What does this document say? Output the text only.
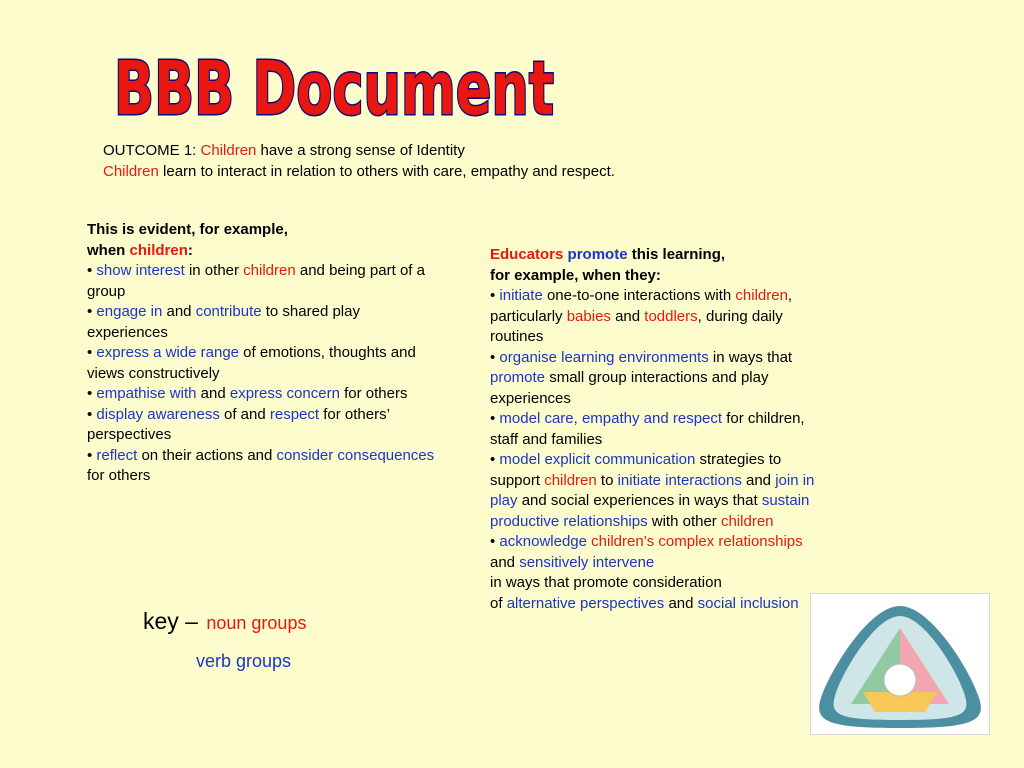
BBB Document
OUTCOME 1: Children have a strong sense of Identity
Children learn to interact in relation to others with care, empathy and respect.
This is evident, for example,
when children:
• show interest in other children and being part of a group
• engage in and contribute to shared play experiences
• express a wide range of emotions, thoughts and views constructively
• empathise with and express concern for others
• display awareness of and respect for others’
perspectives
• reflect on their actions and consider consequences for others
Educators promote this learning,
for example, when they:
• initiate one-to-one interactions with children, particularly babies and toddlers, during daily routines
• organise learning environments in ways that promote small group interactions and play experiences
• model care, empathy and respect for children, staff and families
• model explicit communication strategies to support children to initiate interactions and join in play and social experiences in ways that sustain productive relationships with other children
• acknowledge children’s complex relationships and sensitively intervene
in ways that promote consideration
of alternative perspectives and social inclusion
key – noun groups
verb groups
